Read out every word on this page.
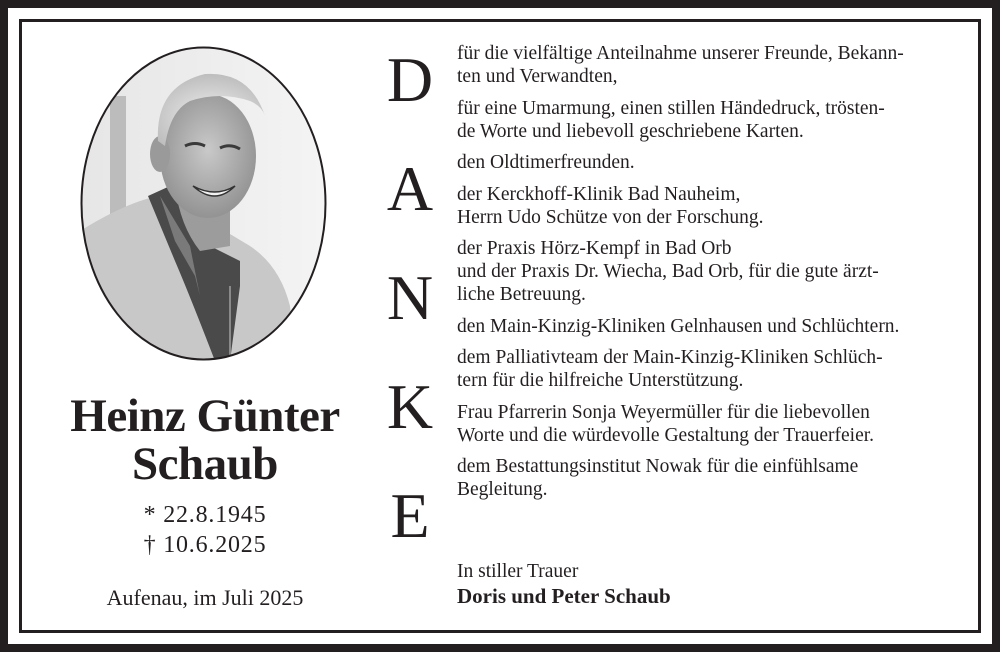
Heinz Günter
Schaub
* 22.8.1945
† 10.6.2025
Aufenau, im Juli 2025
D
A
N
K
E

für die vielfältige Anteilnahme unserer Freunde, Bekann-
ten und Verwandten,

für eine Umarmung, einen stillen Händedruck, trösten-
de Worte und liebevoll geschriebene Karten.

den Oldtimerfreunden.

der Kerckhoff-Klinik Bad Nauheim,
Herrn Udo Schütze von der Forschung.

der Praxis Hörz-Kempf in Bad Orb
und der Praxis Dr. Wiecha, Bad Orb, für die gute ärzt-
liche Betreuung.

den Main-Kinzig-Kliniken Gelnhausen und Schlüchtern.

dem Palliativteam der Main-Kinzig-Kliniken Schlüch-
tern für die hilfreiche Unterstützung.

Frau Pfarrerin Sonja Weyermüller für die liebevollen
Worte und die würdevolle Gestaltung der Trauerfeier.

dem Bestattungsinstitut Nowak für die einfühlsame
Begleitung.

In stiller Trauer
Doris und Peter Schaub
